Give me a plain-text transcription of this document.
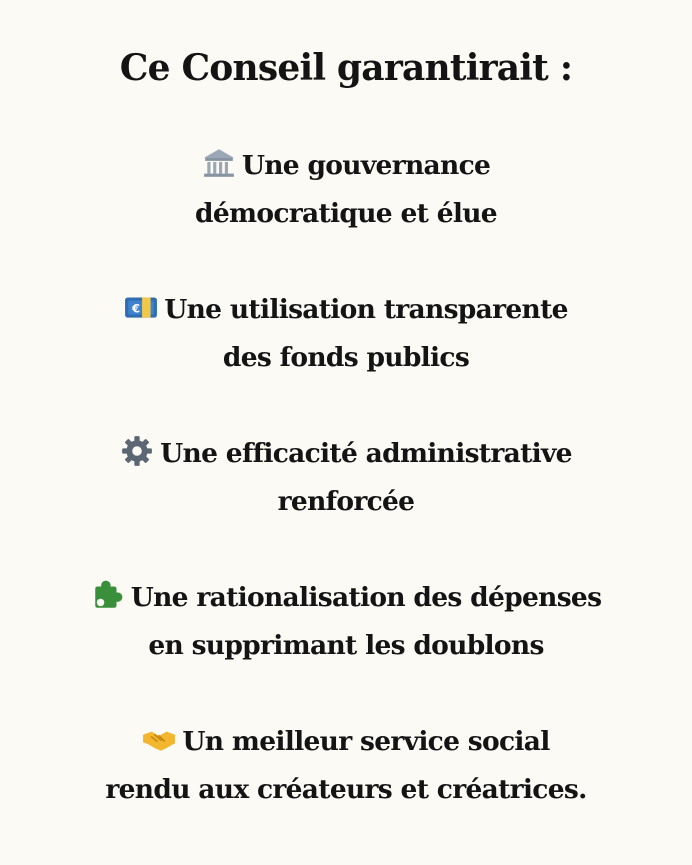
Ce Conseil garantirait :
Une gouvernance
démocratique et élue
€ Une utilisation transparente
des fonds publics
Une efficacité administrative
renforcée
Une rationalisation des dépenses
en supprimant les doublons
Un meilleur service social
rendu aux créateurs et créatrices.
